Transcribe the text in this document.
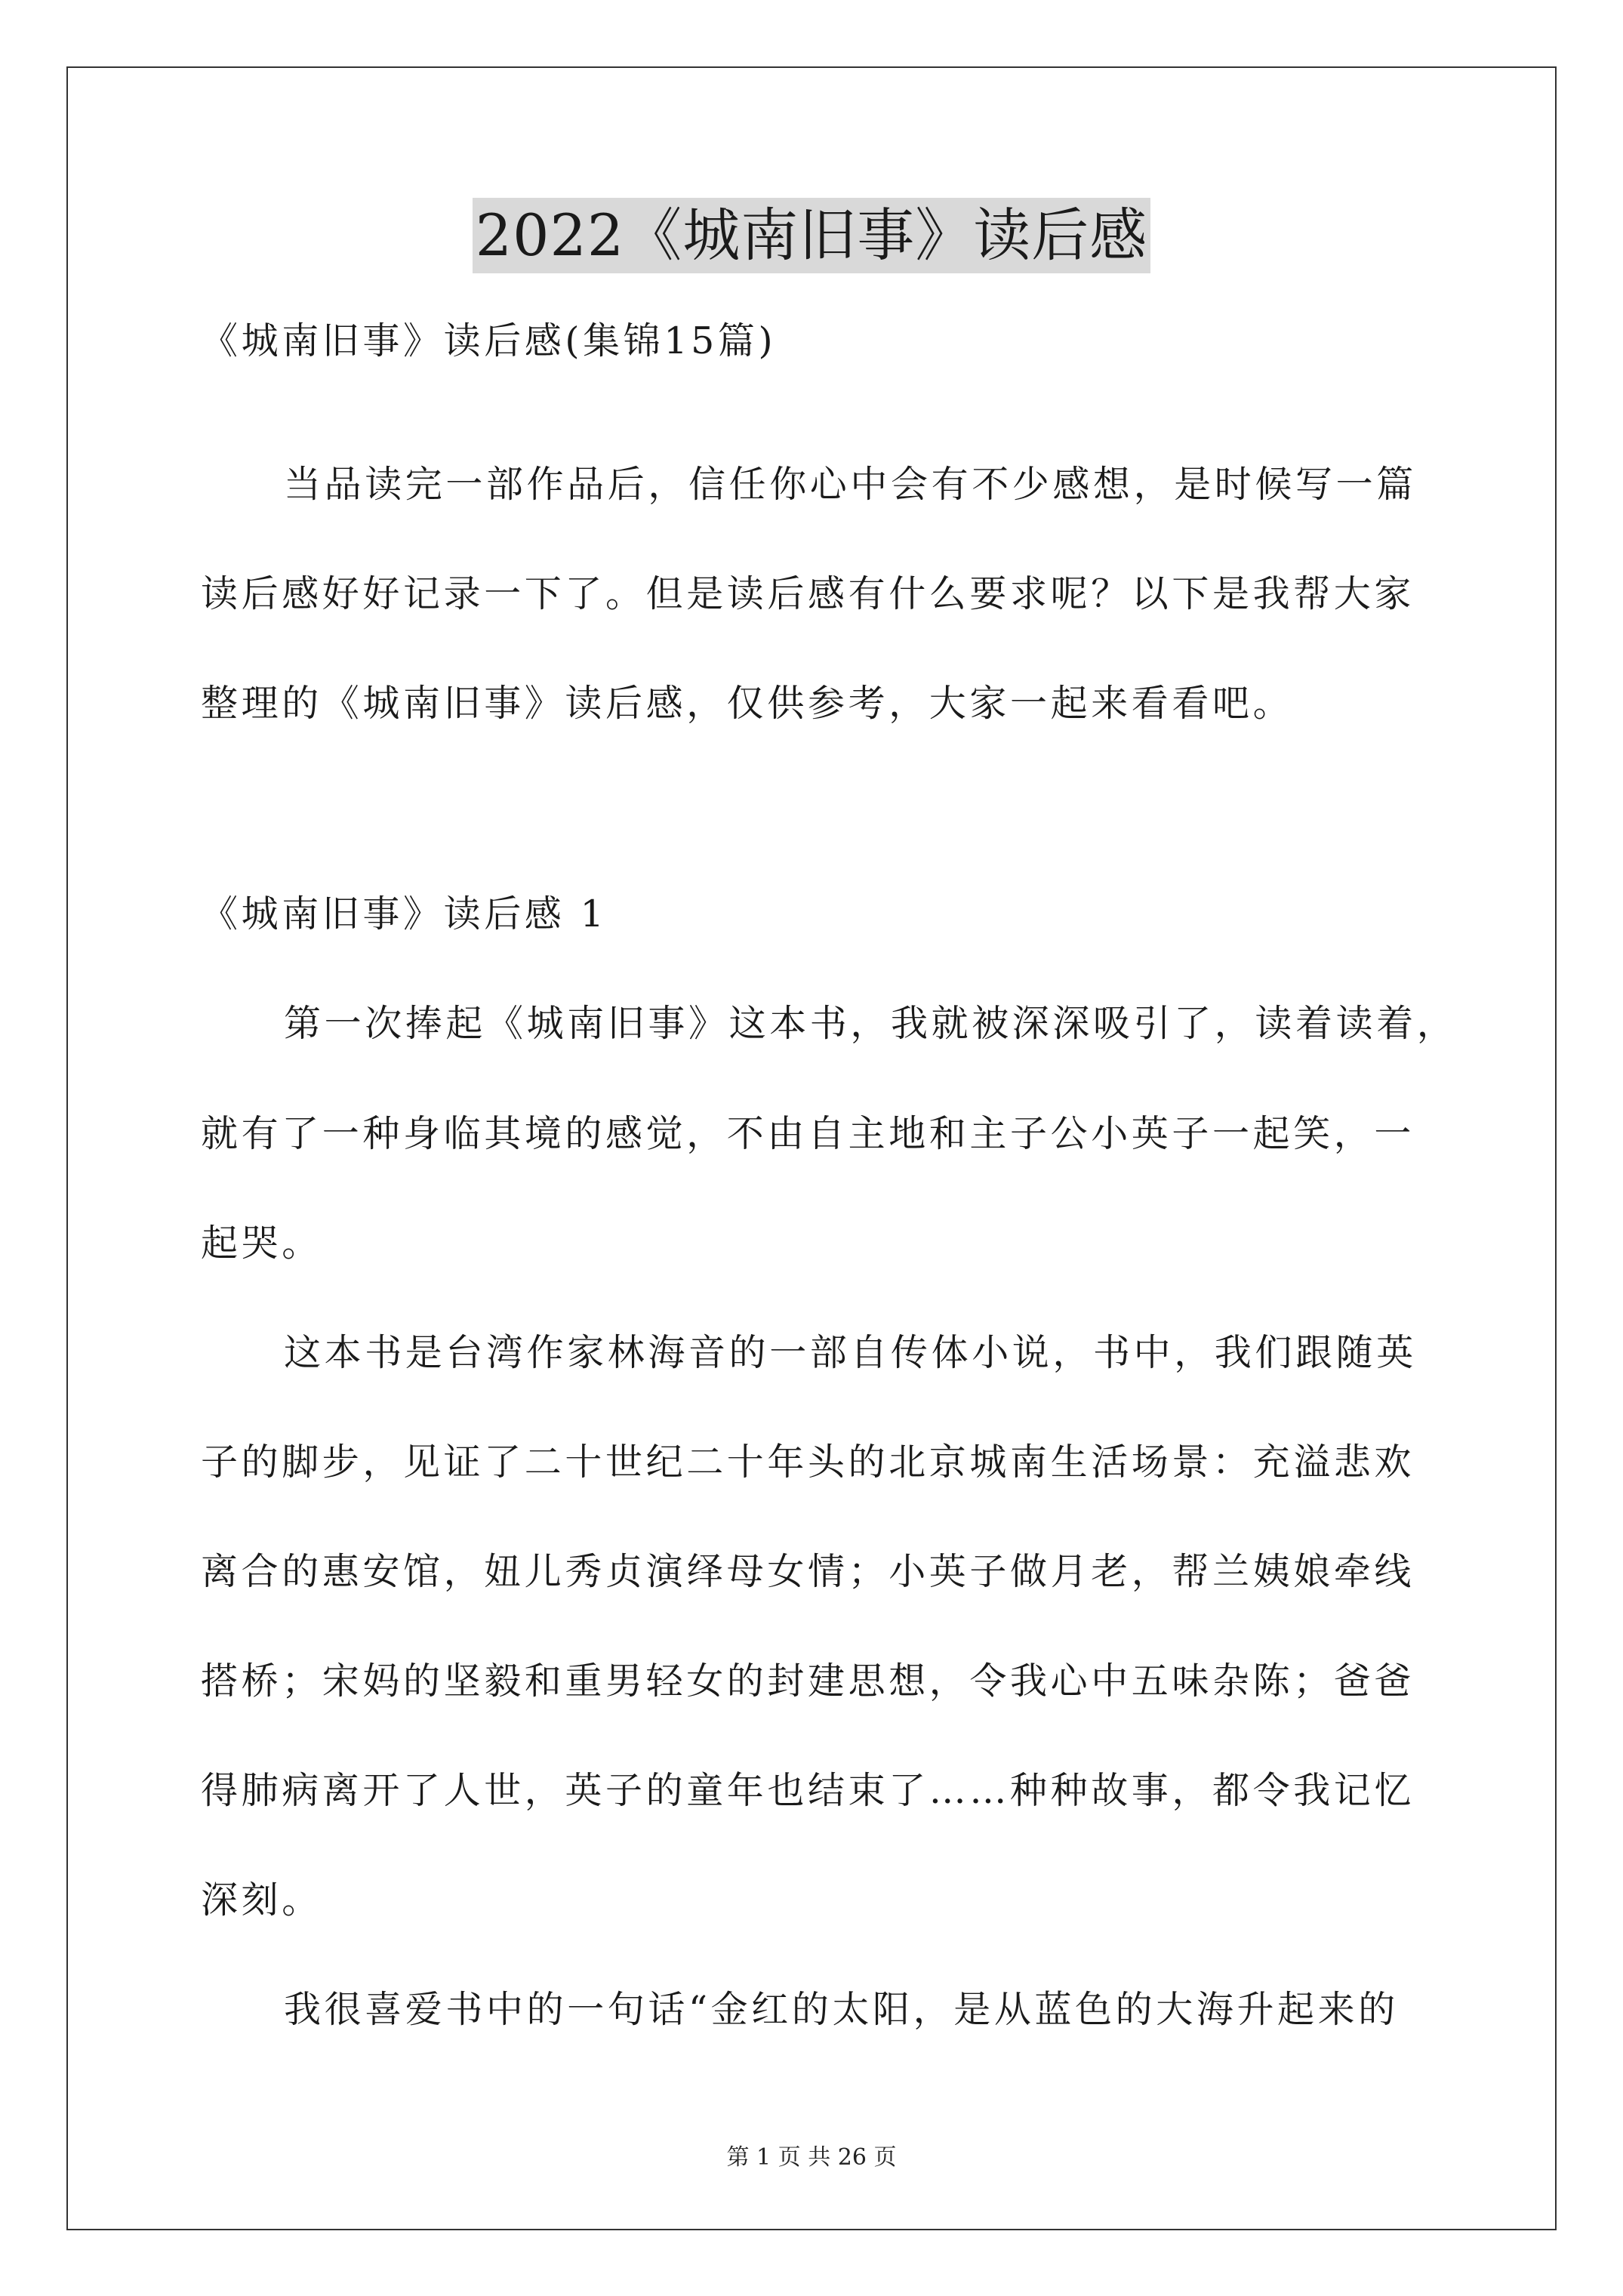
2022《城南旧事》读后感
《城南旧事》读后感(集锦15篇)
当品读完一部作品后，信任你心中会有不少感想，是时候写一篇
读后感好好记录一下了。但是读后感有什么要求呢？以下是我帮大家
整理的《城南旧事》读后感，仅供参考，大家一起来看看吧。
《城南旧事》读后感 1
第一次捧起《城南旧事》这本书，我就被深深吸引了，读着读着，
就有了一种身临其境的感觉，不由自主地和主子公小英子一起笑，一
起哭。
这本书是台湾作家林海音的一部自传体小说，书中，我们跟随英
子的脚步，见证了二十世纪二十年头的北京城南生活场景：充溢悲欢
离合的惠安馆，妞儿秀贞演绎母女情；小英子做月老，帮兰姨娘牵线
搭桥；宋妈的坚毅和重男轻女的封建思想，令我心中五味杂陈；爸爸
得肺病离开了人世，英子的童年也结束了……种种故事，都令我记忆
深刻。
我很喜爱书中的一句话“金红的太阳，是从蓝色的大海升起来的
第 1 页 共 26 页
